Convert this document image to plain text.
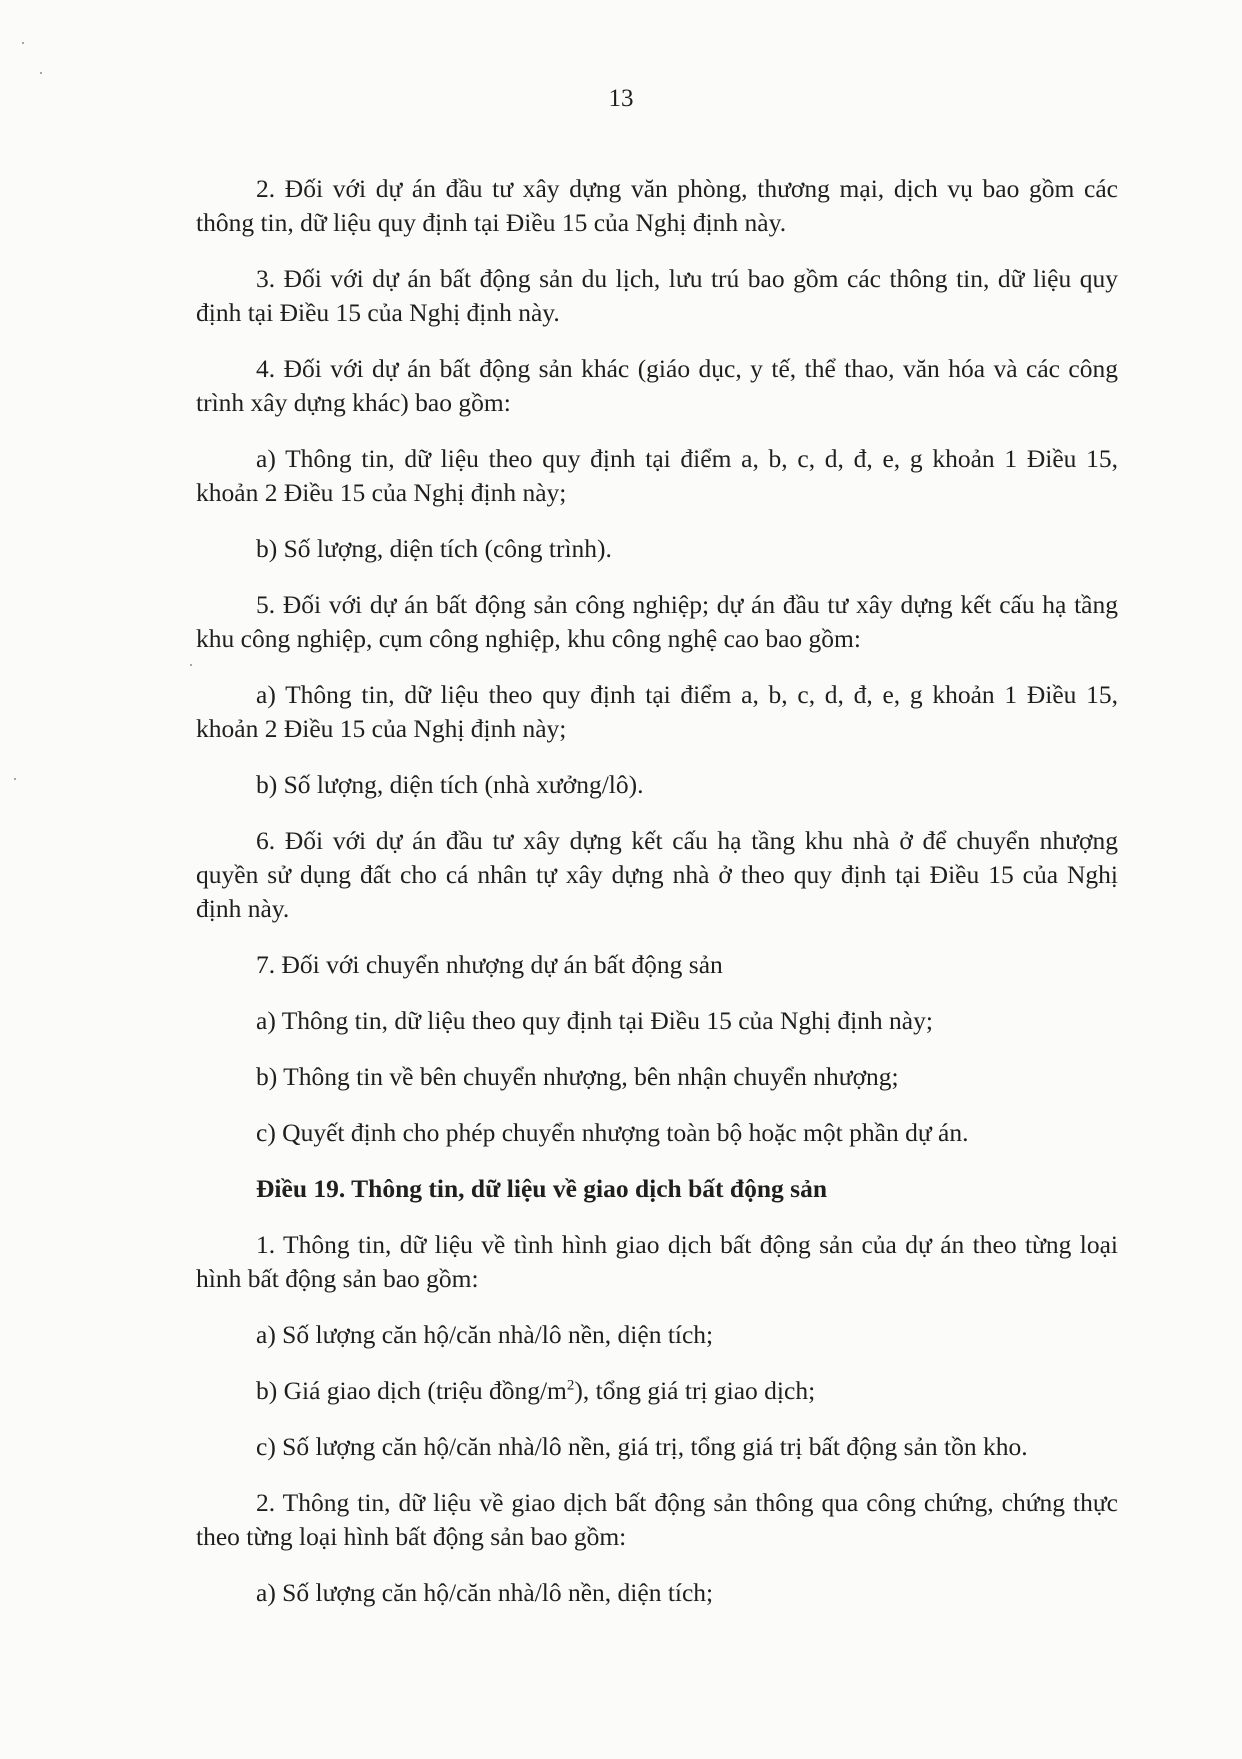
13

2. Đối với dự án đầu tư xây dựng văn phòng, thương mại, dịch vụ bao gồm các thông tin, dữ liệu quy định tại Điều 15 của Nghị định này.

3. Đối với dự án bất động sản du lịch, lưu trú bao gồm các thông tin, dữ liệu quy định tại Điều 15 của Nghị định này.

4. Đối với dự án bất động sản khác (giáo dục, y tế, thể thao, văn hóa và các công trình xây dựng khác) bao gồm:

a) Thông tin, dữ liệu theo quy định tại điểm a, b, c, d, đ, e, g khoản 1 Điều 15, khoản 2 Điều 15 của Nghị định này;

b) Số lượng, diện tích (công trình).

5. Đối với dự án bất động sản công nghiệp; dự án đầu tư xây dựng kết cấu hạ tầng khu công nghiệp, cụm công nghiệp, khu công nghệ cao bao gồm:

a) Thông tin, dữ liệu theo quy định tại điểm a, b, c, d, đ, e, g khoản 1 Điều 15, khoản 2 Điều 15 của Nghị định này;

b) Số lượng, diện tích (nhà xưởng/lô).

6. Đối với dự án đầu tư xây dựng kết cấu hạ tầng khu nhà ở để chuyển nhượng quyền sử dụng đất cho cá nhân tự xây dựng nhà ở theo quy định tại Điều 15 của Nghị định này.

7. Đối với chuyển nhượng dự án bất động sản

a) Thông tin, dữ liệu theo quy định tại Điều 15 của Nghị định này;

b) Thông tin về bên chuyển nhượng, bên nhận chuyển nhượng;

c) Quyết định cho phép chuyển nhượng toàn bộ hoặc một phần dự án.

Điều 19. Thông tin, dữ liệu về giao dịch bất động sản

1. Thông tin, dữ liệu về tình hình giao dịch bất động sản của dự án theo từng loại hình bất động sản bao gồm:

a) Số lượng căn hộ/căn nhà/lô nền, diện tích;

b) Giá giao dịch (triệu đồng/$m^2$), tổng giá trị giao dịch;

c) Số lượng căn hộ/căn nhà/lô nền, giá trị, tổng giá trị bất động sản tồn kho.

2. Thông tin, dữ liệu về giao dịch bất động sản thông qua công chứng, chứng thực theo từng loại hình bất động sản bao gồm:

a) Số lượng căn hộ/căn nhà/lô nền, diện tích;
